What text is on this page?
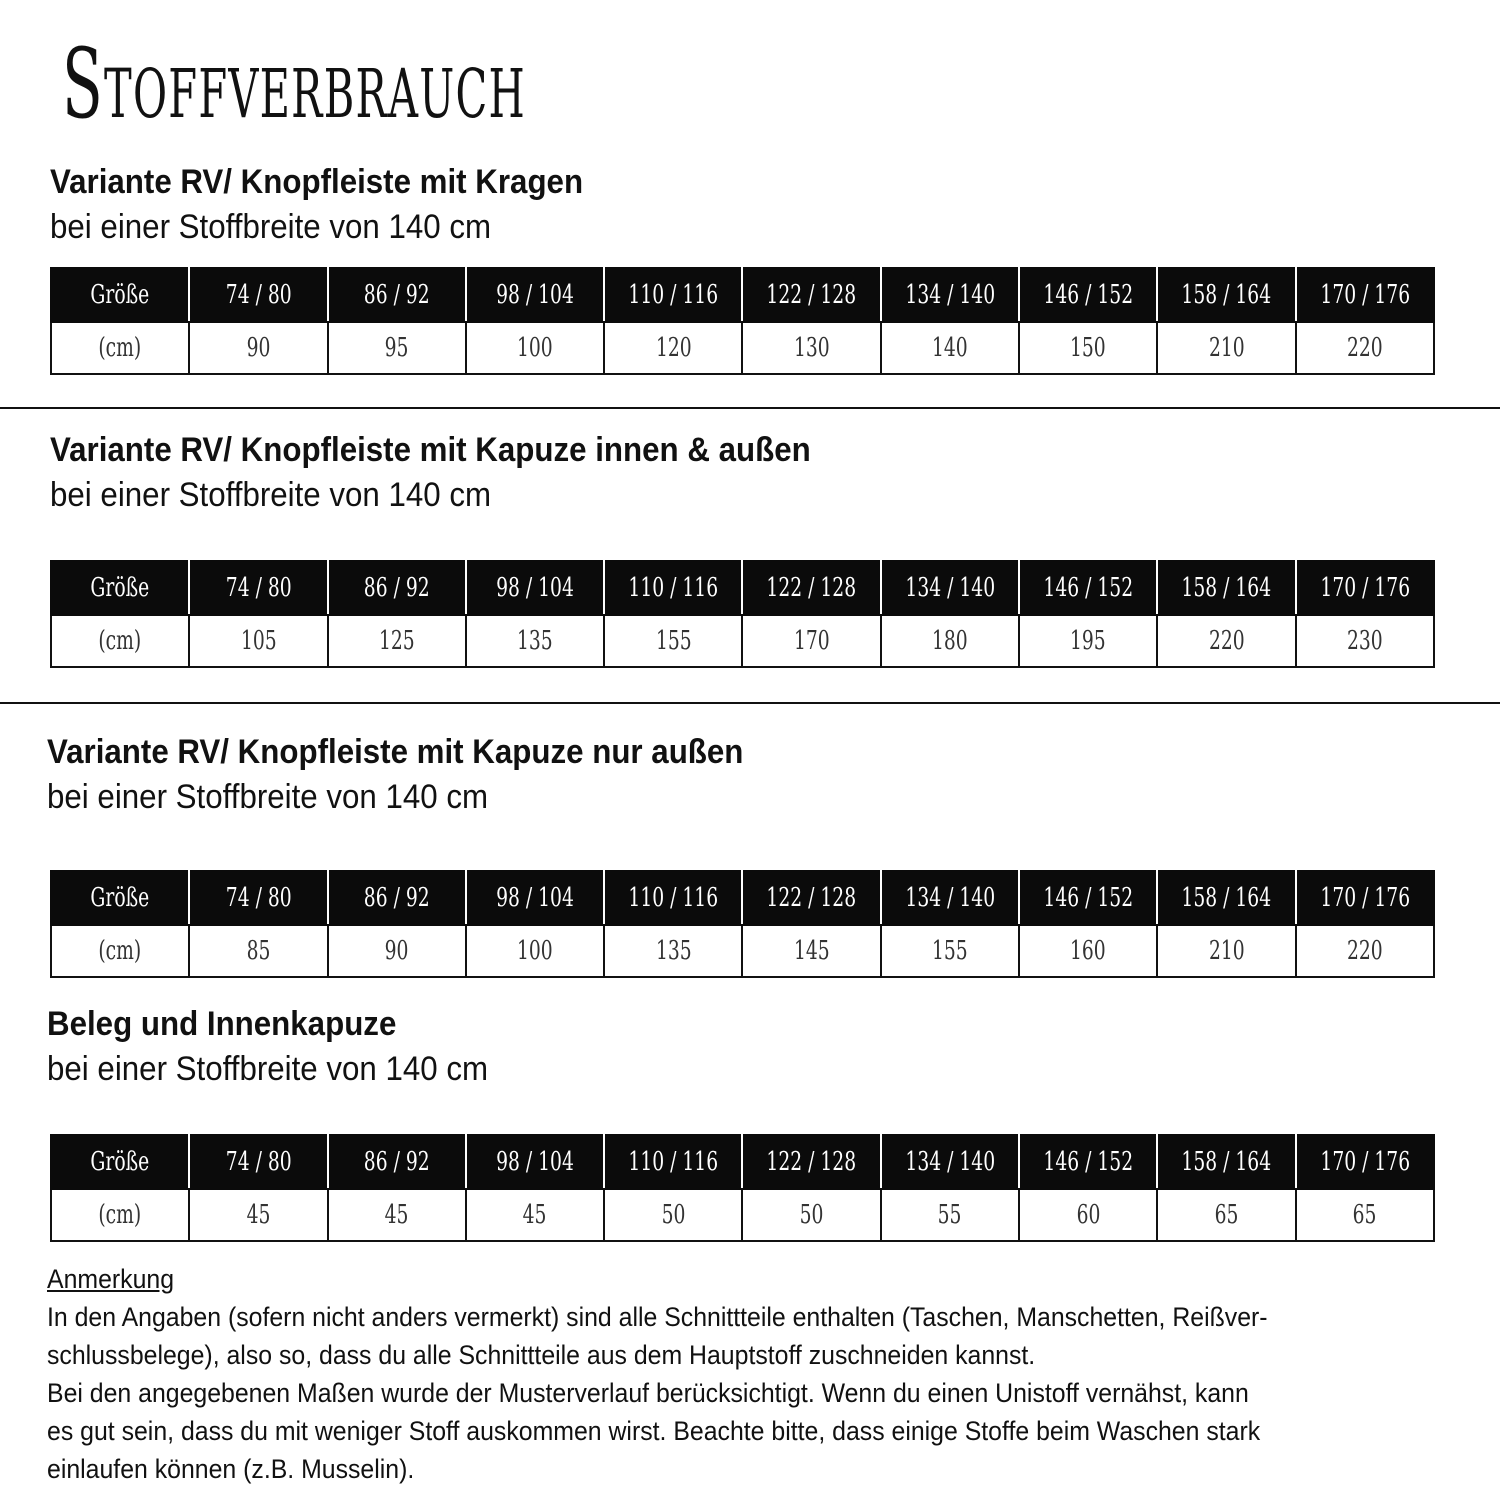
Stoffverbrauch

Variante RV/ Knopfleiste mit Kragen

bei einer Stoffbreite von 140 cm

Größe	74 / 80	86 / 92	98 / 104	110 / 116	122 / 128	134 / 140	146 / 152	158 / 164	170 / 176
(cm)	90	95	100	120	130	140	150	210	220

Variante RV/ Knopfleiste mit Kapuze innen & außen

bei einer Stoffbreite von 140 cm

Größe	74 / 80	86 / 92	98 / 104	110 / 116	122 / 128	134 / 140	146 / 152	158 / 164	170 / 176
(cm)	105	125	135	155	170	180	195	220	230

Variante RV/ Knopfleiste mit Kapuze nur außen

bei einer Stoffbreite von 140 cm

Größe	74 / 80	86 / 92	98 / 104	110 / 116	122 / 128	134 / 140	146 / 152	158 / 164	170 / 176
(cm)	85	90	100	135	145	155	160	210	220

Beleg und Innenkapuze

bei einer Stoffbreite von 140 cm

Größe	74 / 80	86 / 92	98 / 104	110 / 116	122 / 128	134 / 140	146 / 152	158 / 164	170 / 176
(cm)	45	45	45	50	50	55	60	65	65

Anmerkung

In den Angaben (sofern nicht anders vermerkt) sind alle Schnittteile enthalten (Taschen, Manschetten, Reißver-

schlussbelege), also so, dass du alle Schnittteile aus dem Hauptstoff zuschneiden kannst.

Bei den angegebenen Maßen wurde der Musterverlauf berücksichtigt. Wenn du einen Unistoff vernähst, kann

es gut sein, dass du mit weniger Stoff auskommen wirst. Beachte bitte, dass einige Stoffe beim Waschen stark

einlaufen können (z.B. Musselin).
